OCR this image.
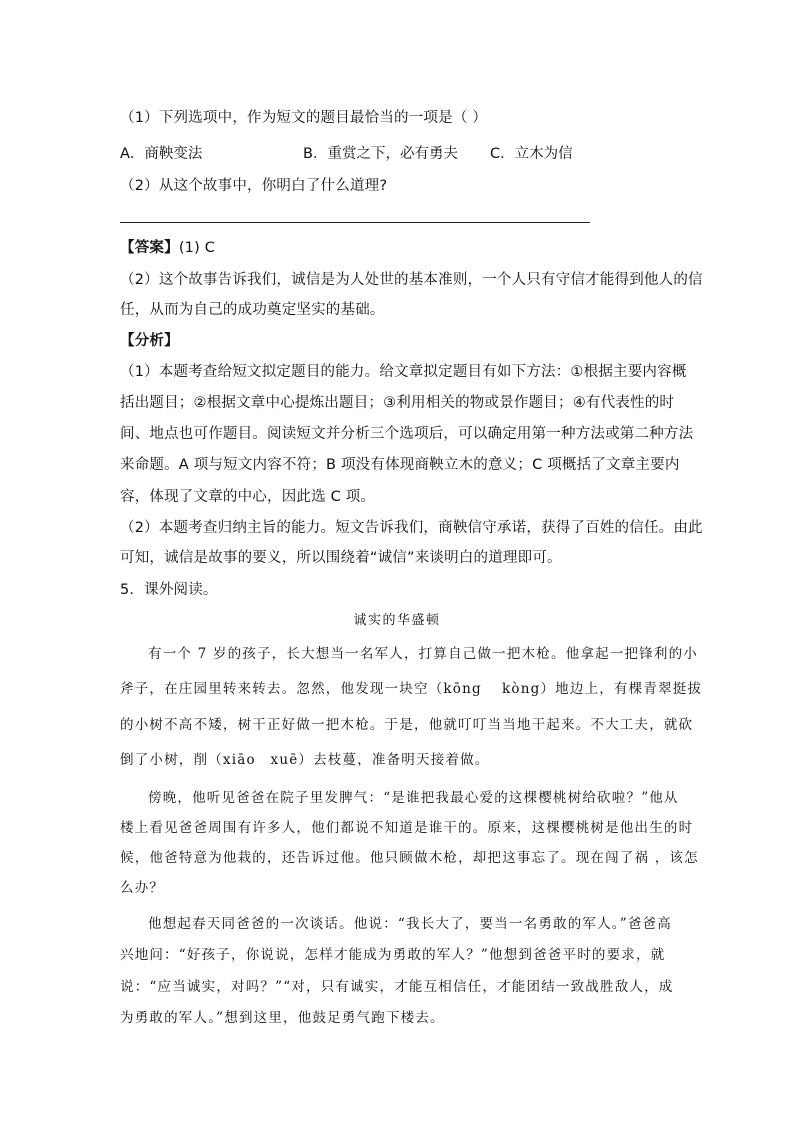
（1）下列选项中，作为短文的题目最恰当的一项是（ ）
A．商鞅变法	B．重赏之下，必有勇夫 C．立木为信
（2）从这个故事中，你明白了什么道理?
【答案】(1) C
（2）这个故事告诉我们，诚信是为人处世的基本准则，一个人只有守信才能得到他人的信
任，从而为自己的成功奠定坚实的基础。
【分析】
（1）本题考查给短文拟定题目的能力。给文章拟定题目有如下方法：①根据主要内容概
括出题目；②根据文章中心提炼出题目；③利用相关的物或景作题目；④有代表性的时
间、地点也可作题目。阅读短文并分析三个选项后，可以确定用第一种方法或第二种方法
来命题。A 项与短文内容不符；B 项没有体现商鞅立木的意义；C 项概括了文章主要内
容，体现了文章的中心，因此选 C 项。
（2）本题考查归纳主旨的能力。短文告诉我们，商鞅信守承诺，获得了百姓的信任。由此
可知，诚信是故事的要义，所以围绕着“诚信”来谈明白的道理即可。
5．课外阅读。
诚实的华盛顿
有一个 7 岁的孩子，长大想当一名军人，打算自己做一把木枪。他拿起一把锋利的小
斧子，在庄园里转来转去。忽然，他发现一块空（kōng　 kòng）地边上，有棵青翠挺拔
的小树不高不矮，树干正好做一把木枪。于是，他就叮叮当当地干起来。不大工夫，就砍
倒了小树，削（xiāo　xuē）去枝蔓，准备明天接着做。
傍晚，他听见爸爸在院子里发脾气：“是谁把我最心爱的这棵樱桃树给砍啦？”他从
楼上看见爸爸周围有许多人，他们都说不知道是谁干的。原来，这棵樱桃树是他出生的时
候，他爸特意为他栽的，还告诉过他。他只顾做木枪，却把这事忘了。现在闯了祸 ，该怎
么办？
他想起春天同爸爸的一次谈话。他说：“我长大了，要当一名勇敢的军人。”爸爸高
兴地问：“好孩子，你说说，怎样才能成为勇敢的军人？”他想到爸爸平时的要求，就
说：“应当诚实，对吗？”“对，只有诚实，才能互相信任，才能团结一致战胜敌人，成
为勇敢的军人。”想到这里，他鼓足勇气跑下楼去。
